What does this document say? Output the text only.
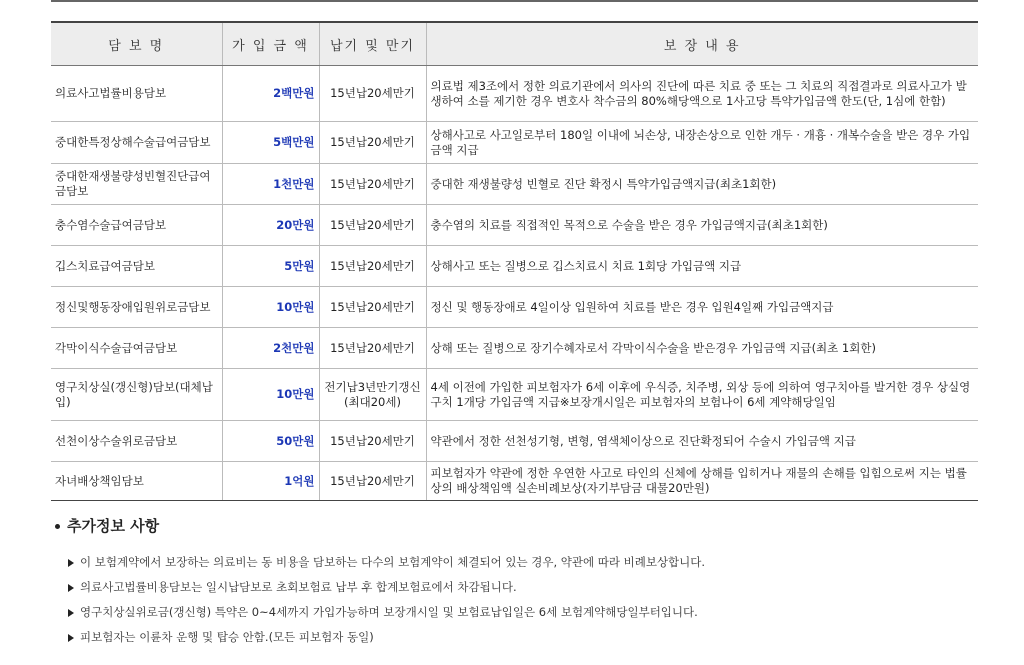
담 보 명	가 입 금 액	납기 및 만기	보 장 내 용
의료사고법률비용담보	2백만원	15년납20세만기	의료법 제3조에서 정한 의료기관에서 의사의 진단에 따른 치료 중 또는 그 치료의 직접결과로 의료사고가 발생하여 소를 제기한 경우 변호사 착수금의 80%해당액으로 1사고당 특약가입금액 한도(단, 1심에 한함)
중대한특정상해수술급여금담보	5백만원	15년납20세만기	상해사고로 사고일로부터 180일 이내에 뇌손상, 내장손상으로 인한 개두 · 개흉 · 개복수술을 받은 경우 가입금액 지급
중대한재생불량성빈혈진단급여금담보	1천만원	15년납20세만기	중대한 재생불량성 빈혈로 진단 확정시 특약가입금액지급(최초1회한)
충수염수술급여금담보	20만원	15년납20세만기	충수염의 치료를 직접적인 목적으로 수술을 받은 경우 가입금액지급(최초1회한)
깁스치료급여금담보	5만원	15년납20세만기	상해사고 또는 질병으로 깁스치료시 치료 1회당 가입금액 지급
정신및행동장애입원위로금담보	10만원	15년납20세만기	정신 및 행동장애로 4일이상 입원하여 치료를 받은 경우 입원4일째 가입금액지급
각막이식수술급여금담보	2천만원	15년납20세만기	상해 또는 질병으로 장기수혜자로서 각막이식수술을 받은경우 가입금액 지급(최초 1회한)
영구치상실(갱신형)담보(대체납입)	10만원	전기납3년만기갱신(최대20세)	4세 이전에 가입한 피보험자가 6세 이후에 우식증, 치주병, 외상 등에 의하여 영구치아를 발거한 경우 상실영구치 1개당 가입금액 지급※보장개시일은 피보험자의 보험나이 6세 계약해당일임
선천이상수술위로금담보	50만원	15년납20세만기	약관에서 정한 선천성기형, 변형, 염색체이상으로 진단확정되어 수술시 가입금액 지급
자녀배상책임담보	1억원	15년납20세만기	피보험자가 약관에 정한 우연한 사고로 타인의 신체에 상해를 입히거나 재물의 손해를 입힘으로써 지는 법률상의 배상책임액 실손비례보상(자기부담금 대물20만원)
추가정보 사항
이 보험계약에서 보장하는 의료비는 동 비용을 담보하는 다수의 보험계약이 체결되어 있는 경우, 약관에 따라 비례보상합니다.
의료사고법률비용담보는 일시납담보로 초회보험료 납부 후 합계보험료에서 차감됩니다.
영구치상실위로금(갱신형) 특약은 0~4세까지 가입가능하며 보장개시일 및 보험료납입일은 6세 보험계약해당일부터입니다.
피보험자는 이륜차 운행 및 탑승 안함.(모든 피보험자 동일)
